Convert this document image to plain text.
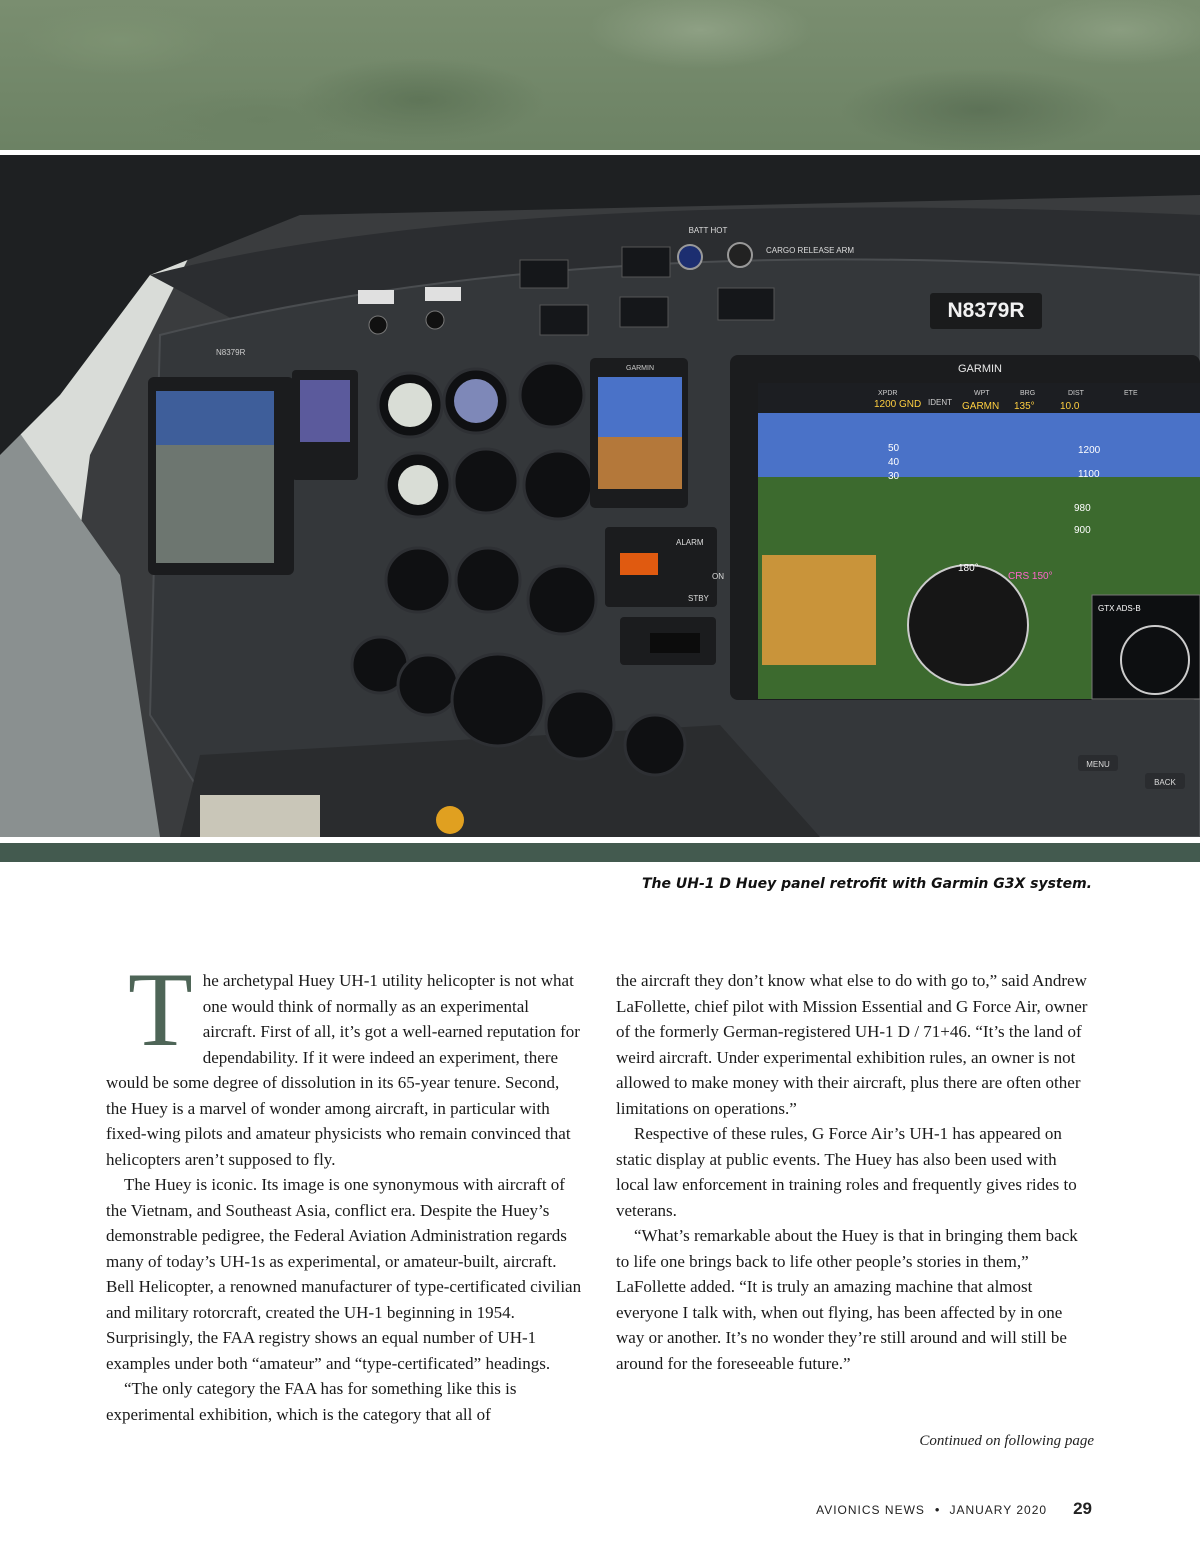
N8379R
BATT HOT
CARGO RELEASE ARM
N8379R
GARMIN
ALARM
ON
STBY
GARMIN
XPDR
1200 GND IDENT
WPT
GARMN
BRG
135°
DIST
10.0
ETE
50
40
30
1200
1100
980
900
180°
CRS 150°
GTX ADS-B
MENU
BACK
The UH-1 D Huey panel retrofit with Garmin G3X system.

The archetypal Huey UH-1 utility helicopter is not what one would think of normally as an experimental aircraft. First of all, it’s got a well-earned reputation for dependability. If it were indeed an experiment, there would be some degree of dissolution in its 65-year tenure. Second, the Huey is a marvel of wonder among aircraft, in particular with fixed-wing pilots and amateur physicists who remain convinced that helicopters aren’t supposed to fly.

The Huey is iconic. Its image is one synonymous with aircraft of the Vietnam, and Southeast Asia, conflict era. Despite the Huey’s demonstrable pedigree, the Federal Aviation Administration regards many of today’s UH-1s as experimental, or amateur-built, aircraft. Bell Helicopter, a renowned manufacturer of type-certificated civilian and military rotorcraft, created the UH-1 beginning in 1954. Surprisingly, the FAA registry shows an equal number of UH-1 examples under both “amateur” and “type-certificated” headings.

“The only category the FAA has for something like this is experimental exhibition, which is the category that all of

the aircraft they don’t know what else to do with go to,” said Andrew LaFollette, chief pilot with Mission Essential and G Force Air, owner of the formerly German-registered UH-1 D / 71+46. “It’s the land of weird aircraft. Under experimental exhibition rules, an owner is not allowed to make money with their aircraft, plus there are often other limitations on operations.”

Respective of these rules, G Force Air’s UH-1 has appeared on static display at public events. The Huey has also been used with local law enforcement in training roles and frequently gives rides to veterans.

“What’s remarkable about the Huey is that in bringing them back to life one brings back to life other people’s stories in them,” LaFollette added. “It is truly an amazing machine that almost everyone I talk with, when out flying, has been affected by in one way or another. It’s no wonder they’re still around and will still be around for the foreseeable future.”

Continued on following page
AVIONICS NEWS • JANUARY 2020 29
